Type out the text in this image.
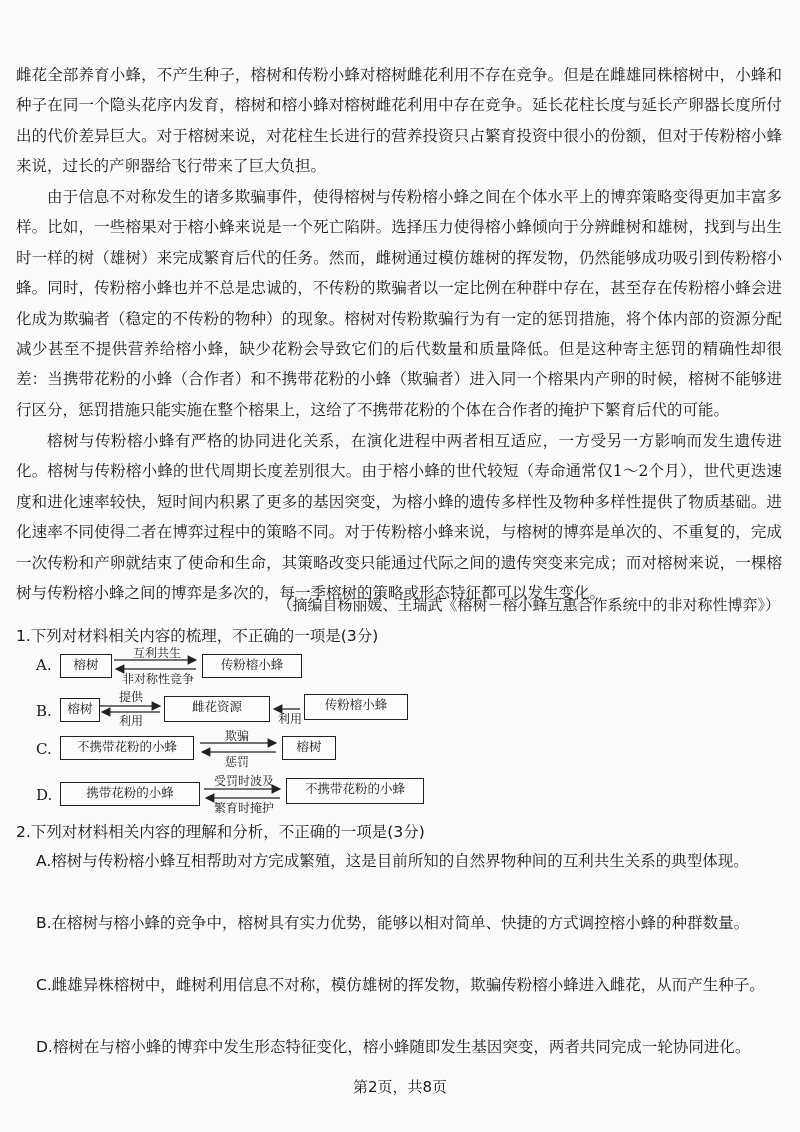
雌花全部养育小蜂，不产生种子，榕树和传粉小蜂对榕树雌花利用不存在竞争。但是在雌雄同株榕树中，小蜂和种子在同一个隐头花序内发育，榕树和榕小蜂对榕树雌花利用中存在竞争。延长花柱长度与延长产卵器长度所付出的代价差异巨大。对于榕树来说，对花柱生长进行的营养投资只占繁育投资中很小的份额，但对于传粉榕小蜂来说，过长的产卵器给飞行带来了巨大负担。

由于信息不对称发生的诸多欺骗事件，使得榕树与传粉榕小蜂之间在个体水平上的博弈策略变得更加丰富多样。比如，一些榕果对于榕小蜂来说是一个死亡陷阱。选择压力使得榕小蜂倾向于分辨雌树和雄树，找到与出生时一样的树（雄树）来完成繁育后代的任务。然而，雌树通过模仿雄树的挥发物，仍然能够成功吸引到传粉榕小蜂。同时，传粉榕小蜂也并不总是忠诚的，不传粉的欺骗者以一定比例在种群中存在，甚至存在传粉榕小蜂会进化成为欺骗者（稳定的不传粉的物种）的现象。榕树对传粉欺骗行为有一定的惩罚措施，将个体内部的资源分配减少甚至不提供营养给榕小蜂，缺少花粉会导致它们的后代数量和质量降低。但是这种寄主惩罚的精确性却很差：当携带花粉的小蜂（合作者）和不携带花粉的小蜂（欺骗者）进入同一个榕果内产卵的时候，榕树不能够进行区分，惩罚措施只能实施在整个榕果上，这给了不携带花粉的个体在合作者的掩护下繁育后代的可能。

榕树与传粉榕小蜂有严格的协同进化关系，在演化进程中两者相互适应，一方受另一方影响而发生遗传进化。榕树与传粉榕小蜂的世代周期长度差别很大。由于榕小蜂的世代较短（寿命通常仅1～2个月），世代更迭速度和进化速率较快，短时间内积累了更多的基因突变，为榕小蜂的遗传多样性及物种多样性提供了物质基础。进化速率不同使得二者在博弈过程中的策略不同。对于传粉榕小蜂来说，与榕树的博弈是单次的、不重复的，完成一次传粉和产卵就结束了使命和生命，其策略改变只能通过代际之间的遗传突变来完成；而对榕树来说，一棵榕树与传粉榕小蜂之间的博弈是多次的，每一季榕树的策略或形态特征都可以发生变化。

（摘编自杨丽媛、王瑞武《榕树－榕小蜂互惠合作系统中的非对称性博弈》）

1.下列对材料相关内容的梳理，不正确的一项是(3分)

A.	榕树	传粉榕小蜂
互利共生
非对称性竞争
B.	榕树	雌花资源	传粉榕小蜂
提供
利用	利用
C.	不携带花粉的小蜂	榕树
欺骗
惩罚
D.	携带花粉的小蜂	不携带花粉的小蜂
受罚时波及
繁育时掩护

2.下列对材料相关内容的理解和分析，不正确的一项是(3分)

A.榕树与传粉榕小蜂互相帮助对方完成繁殖，这是目前所知的自然界物种间的互利共生关系的典型体现。

B.在榕树与榕小蜂的竞争中，榕树具有实力优势，能够以相对简单、快捷的方式调控榕小蜂的种群数量。

C.雌雄异株榕树中，雌树利用信息不对称，模仿雄树的挥发物，欺骗传粉榕小蜂进入雌花，从而产生种子。

D.榕树在与榕小蜂的博弈中发生形态特征变化，榕小蜂随即发生基因突变，两者共同完成一轮协同进化。

第2页，共8页
